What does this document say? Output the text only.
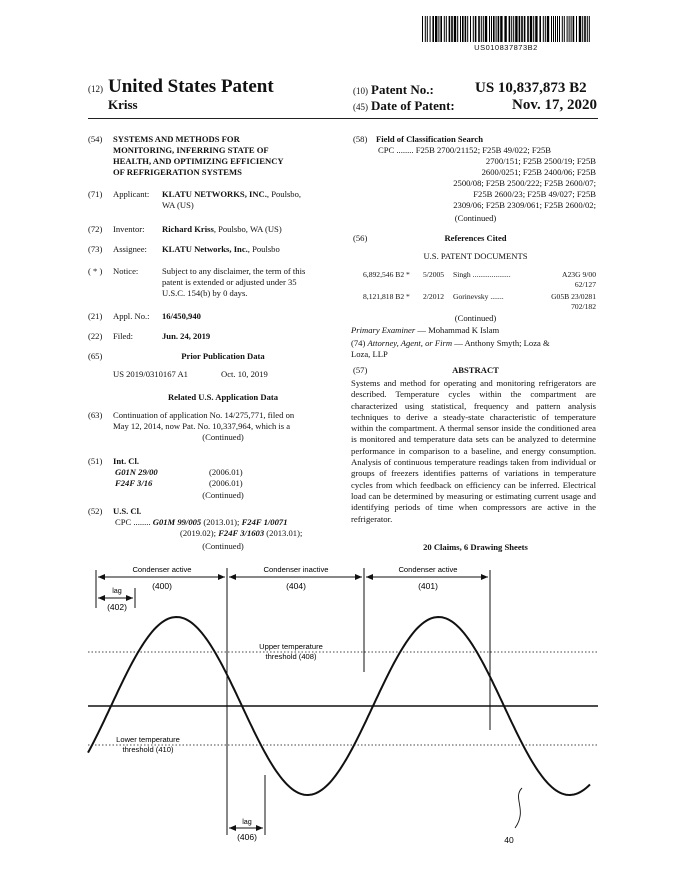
US010837873B2
(12) United States Patent
Kriss
(10) Patent No.:	US 10,837,873 B2
(45) Date of Patent:	Nov. 17, 2020
(54) SYSTEMS AND METHODS FOR
MONITORING, INFERRING STATE OF
HEALTH, AND OPTIMIZING EFFICIENCY
OF REFRIGERATION SYSTEMS
(71) Applicant: KLATU NETWORKS, INC., Poulsbo,
WA (US)
(72) Inventor: Richard Kriss, Poulsbo, WA (US)
(73) Assignee: KLATU Networks, Inc., Poulsbo
( * ) Notice:	Subject to any disclaimer, the term of this
patent is extended or adjusted under 35
U.S.C. 154(b) by 0 days.
(21) Appl. No.: 16/450,940
(22) Filed:	Jun. 24, 2019
(65)	Prior Publication Data
US 2019/0310167 A1	Oct. 10, 2019
Related U.S. Application Data
(63) Continuation of application No. 14/275,771, filed on
May 12, 2014, now Pat. No. 10,337,964, which is a
(Continued)
(51) Int. Cl.
G01N 29/00	(2006.01)
F24F 3/16	(2006.01)
(Continued)
(52) U.S. Cl.
CPC ........ G01M 99/005 (2013.01); F24F 1/0071
(2019.02); F24F 3/1603 (2013.01);
(Continued)
(58) Field of Classification Search
CPC ........ F25B 2700/21152; F25B 49/022; F25B
2700/151; F25B 2500/19; F25B
2600/0251; F25B 2400/06; F25B
2500/08; F25B 2500/222; F25B 2600/07;
F25B 2600/23; F25B 49/027; F25B
2309/06; F25B 2309/061; F25B 2600/02;
(Continued)
(56)	References Cited
U.S. PATENT DOCUMENTS
6,892,546 B2 * 5/2005 Singh ....................	A23G 9/00
62/127
8,121,818 B2 * 2/2012 Gorinevsky .......	G05B 23/0281
702/182
(Continued)
Primary Examiner — Mohammad K Islam
(74) Attorney, Agent, or Firm — Anthony Smyth; Loza &
Loza, LLP
(57)	ABSTRACT
Systems and method for operating and monitoring refrigerators are described. Temperature cycles within the compartment are characterized using statistical, frequency and pattern analysis techniques to derive a steady-state characteristic of temperature within the compartment. A thermal sensor inside the conditioned area is monitored and temperature data sets can be analyzed to determine performance in comparison to a baseline, and energy consumption. Analysis of continuous temperature readings taken from individual or groups of freezers identifies patterns of variations in temperature cycles from which feedback on efficiency can be inferred. Electrical load can be determined by measuring or estimating current usage and identifying periods of time when compressors are active in the refrigerator.
20 Claims, 6 Drawing Sheets
Condenser active
(400)
Condenser inactive
(404)
Condenser active
(401)
lag
(402)
Upper temperature
threshold (408)
Lower temperature
threshold (410)
lag
(406)	40
